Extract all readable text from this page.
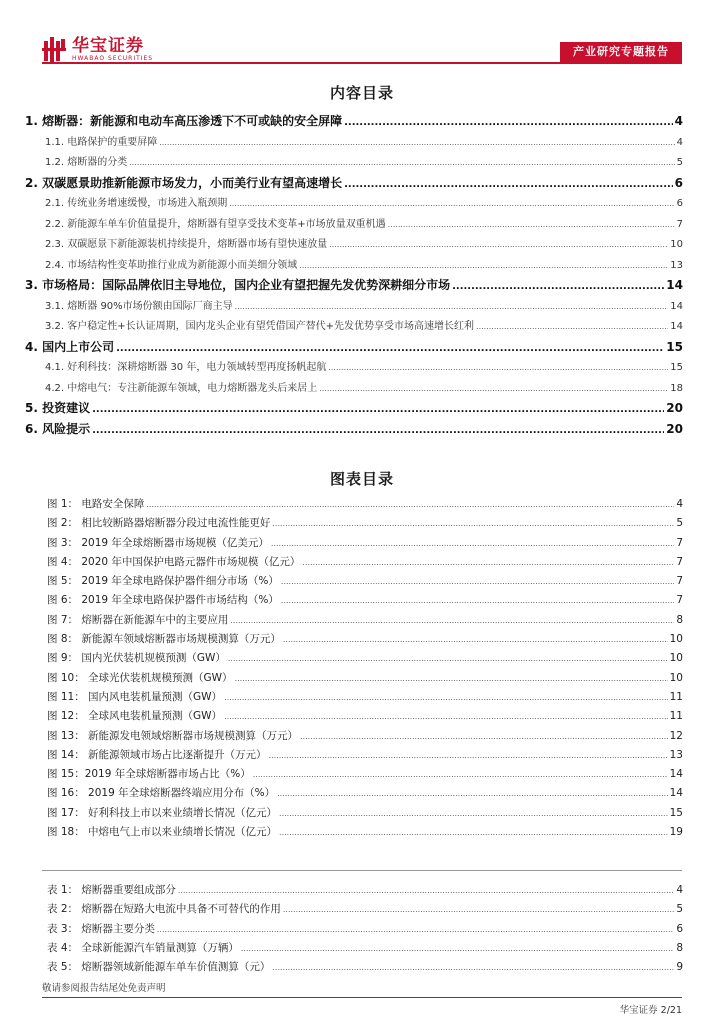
华宝证券
HWABAO SECURITIES
产业研究专题报告
内容目录
1. 熔断器：新能源和电动车高压渗透下不可或缺的安全屏障 .....	4
1.1. 电路保护的重要屏障 .....	4
1.2. 熔断器的分类 .....	5
2. 双碳愿景助推新能源市场发力，小而美行业有望高速增长 .....	6
2.1. 传统业务增速缓慢，市场进入瓶颈期 .....	6
2.2. 新能源车单车价值量提升，熔断器有望享受技术变革+市场放量双重机遇 .....	7
2.3. 双碳愿景下新能源装机持续提升，熔断器市场有望快速放量 .....	10
2.4. 市场结构性变革助推行业成为新能源小而美细分领域 .....	13
3. 市场格局：国际品牌依旧主导地位，国内企业有望把握先发优势深耕细分市场 .....	14
3.1. 熔断器 90%市场份额由国际厂商主导 .....	14
3.2. 客户稳定性+长认证周期，国内龙头企业有望凭借国产替代+先发优势享受市场高速增长红利 .....	14
4. 国内上市公司 .....	15
4.1. 好利科技：深耕熔断器 30 年，电力领域转型再度扬帆起航 .....	15
4.2. 中熔电气：专注新能源车领域，电力熔断器龙头后来居上 .....	18
5. 投资建议 .....	20
6. 风险提示 .....	20
图表目录
图 1： 电路安全保障 .....	4
图 2： 相比较断路器熔断器分段过电流性能更好 .....	5
图 3： 2019 年全球熔断器市场规模（亿美元） .....	7
图 4： 2020 年中国保护电路元器件市场规模（亿元） .....	7
图 5： 2019 年全球电路保护器件细分市场（%） .....	7
图 6： 2019 年全球电路保护器件市场结构（%） .....	7
图 7： 熔断器在新能源车中的主要应用 .....	8
图 8： 新能源车领域熔断器市场规模测算（万元） .....	10
图 9： 国内光伏装机规模预测（GW） .....	10
图 10： 全球光伏装机规模预测（GW） .....	10
图 11： 国内风电装机量预测（GW） .....	11
图 12： 全球风电装机量预测（GW） .....	11
图 13： 新能源发电领域熔断器市场规模测算（万元） .....	12
图 14： 新能源领域市场占比逐渐提升（万元） .....	13
图 15：2019 年全球熔断器市场占比（%） .....	14
图 16： 2019 年全球熔断器终端应用分布（%） .....	14
图 17： 好利科技上市以来业绩增长情况（亿元） .....	15
图 18： 中熔电气上市以来业绩增长情况（亿元） .....	19
表 1： 熔断器重要组成部分 .....	4
表 2： 熔断器在短路大电流中具备不可替代的作用 .....	5
表 3： 熔断器主要分类 .....	6
表 4： 全球新能源汽车销量测算（万辆） .....	8
表 5： 熔断器领域新能源车单车价值测算（元） .....	9
敬请参阅报告结尾处免责声明
华宝证券 2/21
